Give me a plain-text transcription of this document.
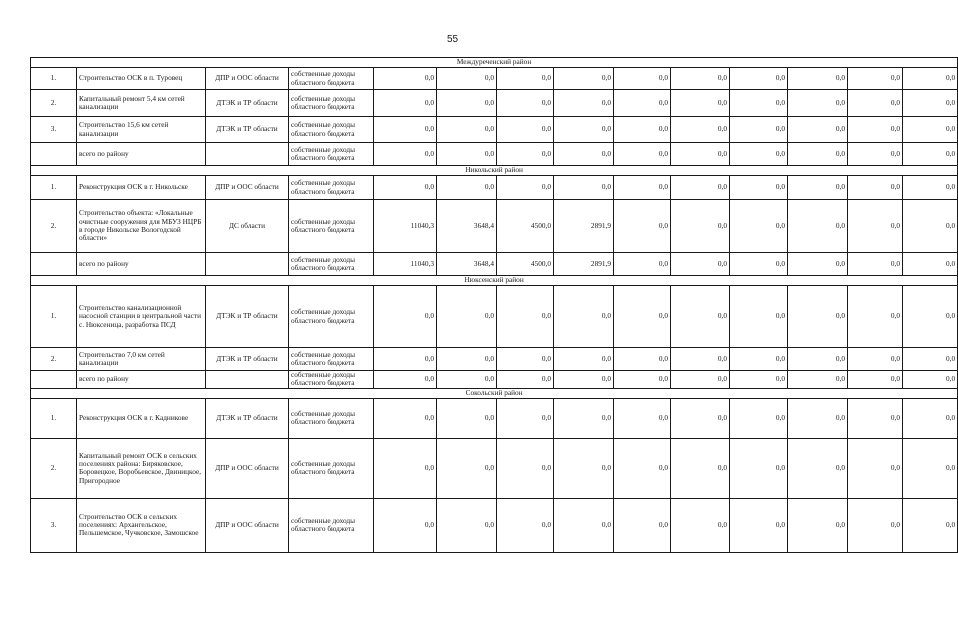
55
Междуреченский район													
1.	Строительство ОСК в п. Туровец	ДПР и ООС области	собственные доходы областного бюджета	0,0	0,0	0,0	0,0	0,0	0,0	0,0	0,0	0,0	0,0
2.	Капитальный ремонт 5,4 км сетей канализации	ДТЭК и ТР области	собственные доходы областного бюджета	0,0	0,0	0,0	0,0	0,0	0,0	0,0	0,0	0,0	0,0
3.	Строительство 15,6 км сетей канализации	ДТЭК и ТР области	собственные доходы областного бюджета	0,0	0,0	0,0	0,0	0,0	0,0	0,0	0,0	0,0	0,0
	всего по району		собственные доходы областного бюджета	0,0	0,0	0,0	0,0	0,0	0,0	0,0	0,0	0,0	0,0
Никольский район													
1.	Реконструкция ОСК в г. Никольске	ДПР и ООС области	собственные доходы областного бюджета	0,0	0,0	0,0	0,0	0,0	0,0	0,0	0,0	0,0	0,0
2.	Строительство объекта: «Локальные очистные сооружения для МБУЗ НЦРБ в городе Никольске Вологодской области»	ДС области	собственные доходы областного бюджета	11040,3	3648,4	4500,0	2891,9	0,0	0,0	0,0	0,0	0,0	0,0
	всего по району		собственные доходы областного бюджета	11040,3	3648,4	4500,0	2891,9	0,0	0,0	0,0	0,0	0,0	0,0
Нюксенский район													
1.	Строительство канализационной насосной станции в центральной части с. Нюксеница, разработка ПСД	ДТЭК и ТР области	собственные доходы областного бюджета	0,0	0,0	0,0	0,0	0,0	0,0	0,0	0,0	0,0	0,0
2.	Строительство 7,0 км сетей канализации	ДТЭК и ТР области	собственные доходы областного бюджета	0,0	0,0	0,0	0,0	0,0	0,0	0,0	0,0	0,0	0,0
	всего по району		собственные доходы областного бюджета	0,0	0,0	0,0	0,0	0,0	0,0	0,0	0,0	0,0	0,0
Сокольский район													
1.	Реконструкция ОСК в г. Кадникове	ДТЭК и ТР области	собственные доходы областного бюджета	0,0	0,0	0,0	0,0	0,0	0,0	0,0	0,0	0,0	0,0
2.	Капитальный ремонт ОСК в сельских поселениях района: Биряковское, Боровецкое, Воробьевское, Двиницкое, Пригородное	ДПР и ООС области	собственные доходы областного бюджета	0,0	0,0	0,0	0,0	0,0	0,0	0,0	0,0	0,0	0,0
3.	Строительство ОСК в сельских поселениях: Архангельское, Пельшемское, Чучковское, Замошское	ДПР и ООС области	собственные доходы областного бюджета	0,0	0,0	0,0	0,0	0,0	0,0	0,0	0,0	0,0	0,0
